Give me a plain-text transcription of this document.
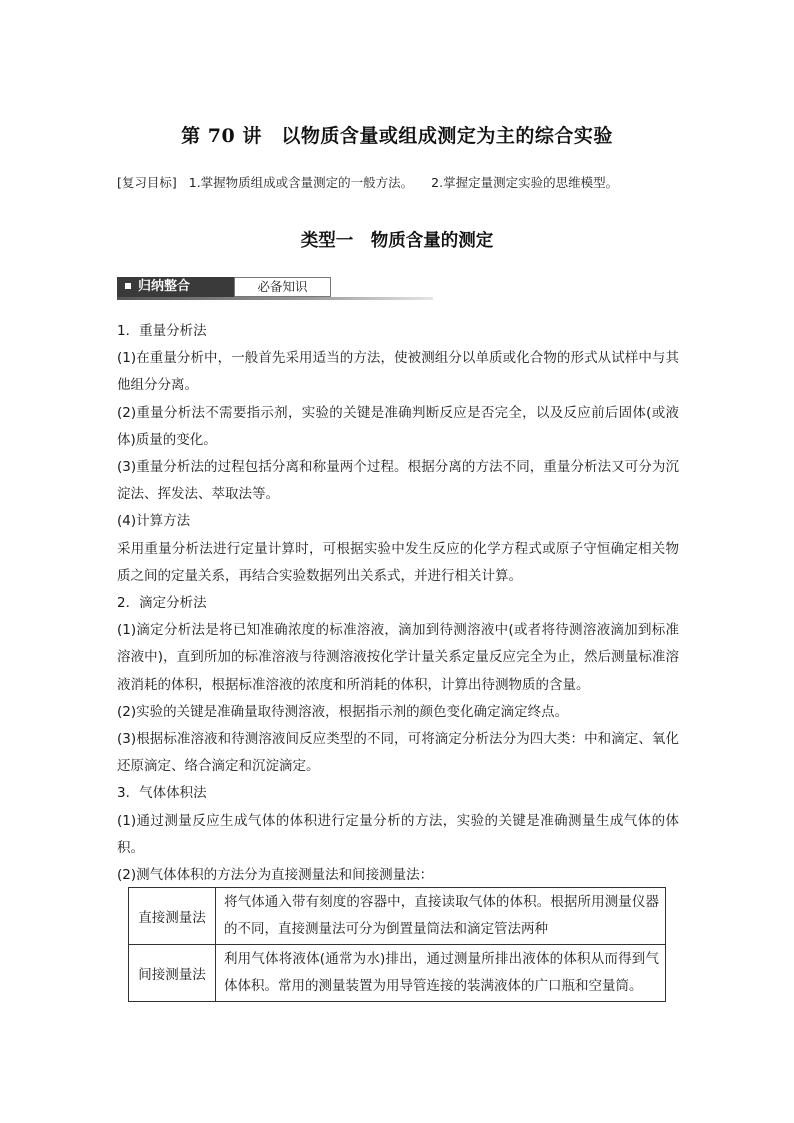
第 70 讲　以物质含量或组成测定为主的综合实验
[复习目标] 1.掌握物质组成或含量测定的一般方法。 2.掌握定量测定实验的思维模型。
类型一　物质含量的测定
归纳整合	必备知识

1．重量分析法

(1)在重量分析中，一般首先采用适当的方法，使被测组分以单质或化合物的形式从试样中与其他组分分离。

(2)重量分析法不需要指示剂，实验的关键是准确判断反应是否完全，以及反应前后固体(或液体)质量的变化。

(3)重量分析法的过程包括分离和称量两个过程。根据分离的方法不同，重量分析法又可分为沉淀法、挥发法、萃取法等。

(4)计算方法

采用重量分析法进行定量计算时，可根据实验中发生反应的化学方程式或原子守恒确定相关物质之间的定量关系，再结合实验数据列出关系式，并进行相关计算。

2．滴定分析法

(1)滴定分析法是将已知准确浓度的标准溶液，滴加到待测溶液中(或者将待测溶液滴加到标准溶液中)，直到所加的标准溶液与待测溶液按化学计量关系定量反应完全为止，然后测量标准溶液消耗的体积，根据标准溶液的浓度和所消耗的体积，计算出待测物质的含量。

(2)实验的关键是准确量取待测溶液，根据指示剂的颜色变化确定滴定终点。

(3)根据标准溶液和待测溶液间反应类型的不同，可将滴定分析法分为四大类：中和滴定、氧化还原滴定、络合滴定和沉淀滴定。

3．气体体积法

(1)通过测量反应生成气体的体积进行定量分析的方法，实验的关键是准确测量生成气体的体积。

(2)测气体体积的方法分为直接测量法和间接测量法：

直接测量法	将气体通入带有刻度的容器中，直接读取气体的体积。根据所用测量仪器的不同，直接测量法可分为倒置量筒法和滴定管法两种
间接测量法	利用气体将液体(通常为水)排出，通过测量所排出液体的体积从而得到气体体积。常用的测量装置为用导管连接的装满液体的广口瓶和空量筒。
